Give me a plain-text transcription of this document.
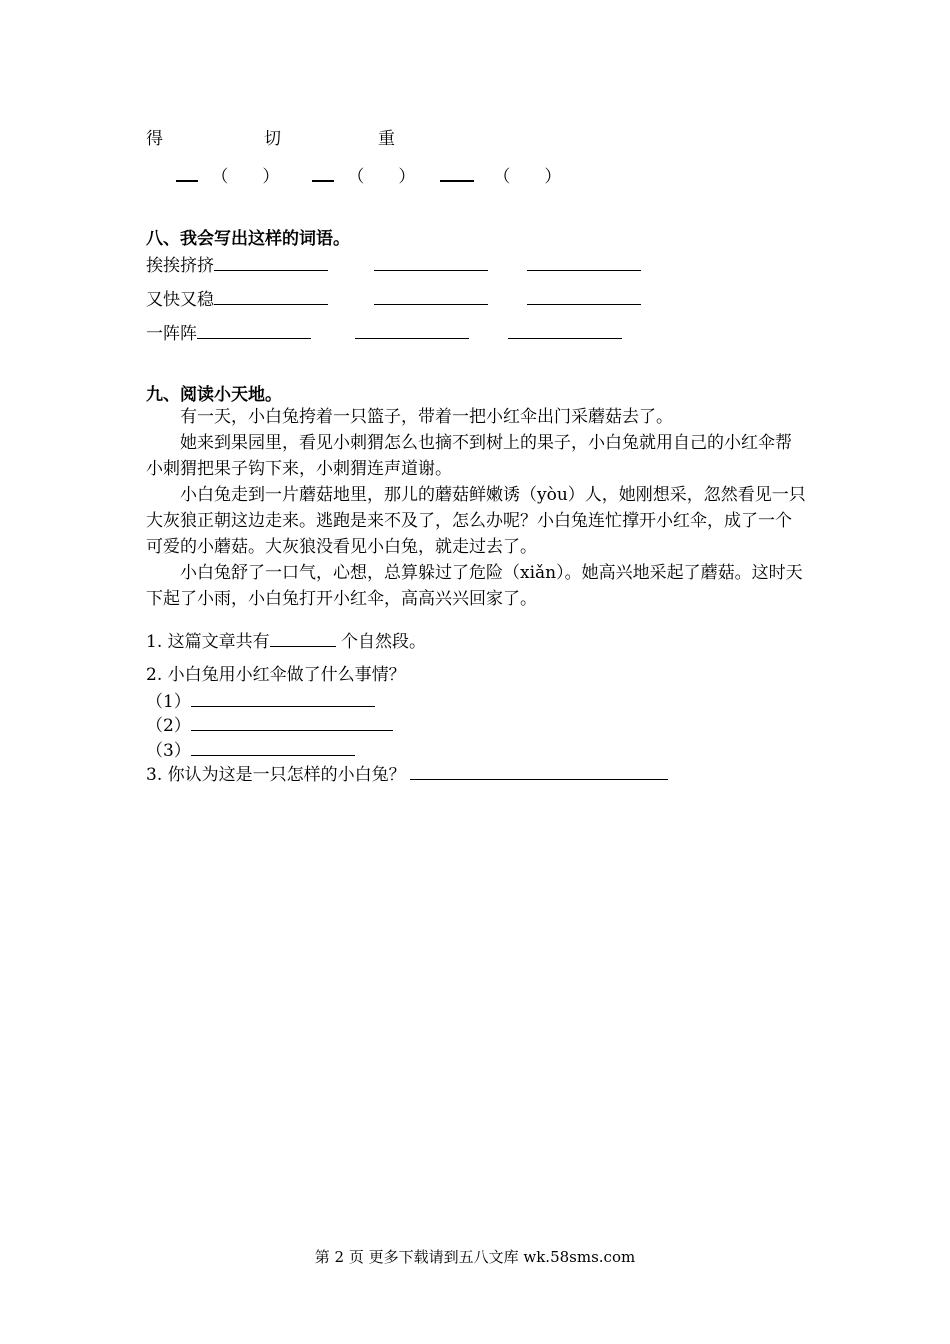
得	切	重
（　　）	（　　）	（　　）
八、我会写出这样的词语。
挨挨挤挤
又快又稳
一阵阵
九、阅读小天地。

有一天，小白兔挎着一只篮子，带着一把小红伞出门采蘑菇去了。

她来到果园里，看见小刺猬怎么也摘不到树上的果子，小白兔就用自己的小红伞帮小刺猬把果子钩下来，小刺猬连声道谢。

小白兔走到一片蘑菇地里，那儿的蘑菇鲜嫩诱（yòu）人，她刚想采，忽然看见一只大灰狼正朝这边走来。逃跑是来不及了，怎么办呢？小白兔连忙撑开小红伞，成了一个可爱的小蘑菇。大灰狼没看见小白兔，就走过去了。

小白兔舒了一口气，心想，总算躲过了危险（xiǎn）。她高兴地采起了蘑菇。这时天下起了小雨，小白兔打开小红伞，高高兴兴回家了。

1. 这篇文章共有	个自然段。
2. 小白兔用小红伞做了什么事情？
（1）
（2）
（3）
3. 你认为这是一只怎样的小白兔？
第 2 页 更多下载请到五八文库 wk.58sms.com
